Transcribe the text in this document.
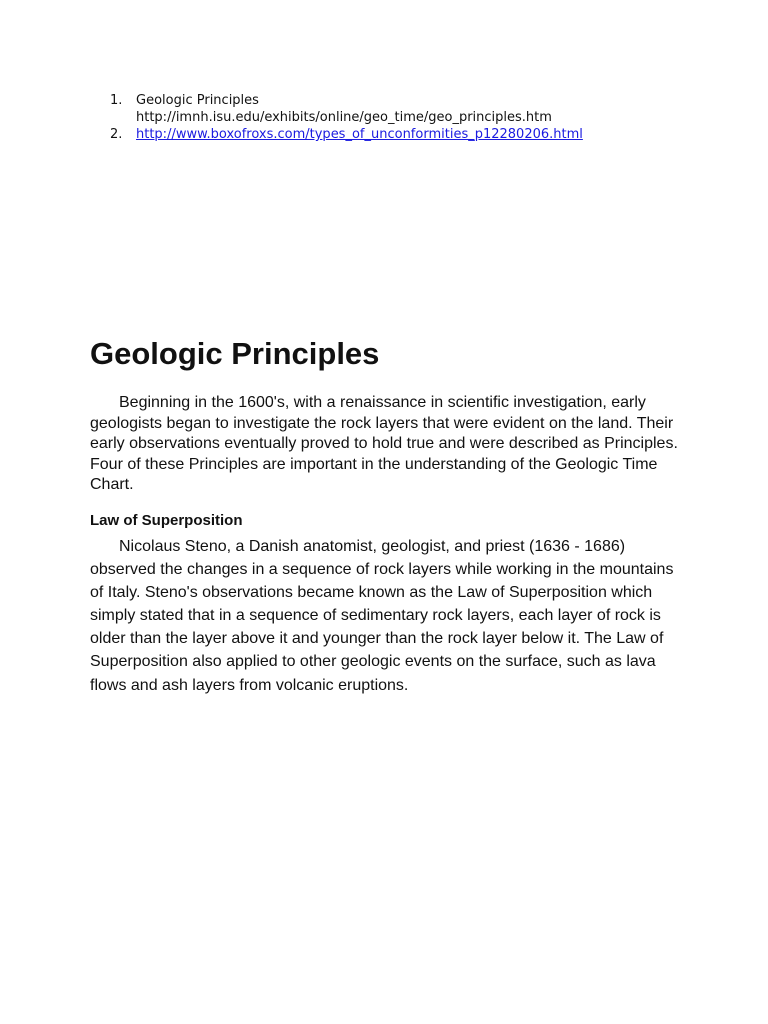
1. Geologic Principles
http://imnh.isu.edu/exhibits/online/geo_time/geo_principles.htm
2. http://www.boxofroxs.com/types_of_unconformities_p12280206.html
Geologic Principles

Beginning in the 1600's, with a renaissance in scientific investigation, early geologists began to investigate the rock layers that were evident on the land. Their early observations eventually proved to hold true and were described as Principles. Four of these Principles are important in the understanding of the Geologic Time Chart.

Law of Superposition

Nicolaus Steno, a Danish anatomist, geologist, and priest (1636 - 1686) observed the changes in a sequence of rock layers while working in the mountains of Italy. Steno's observations became known as the Law of Superposition which simply stated that in a sequence of sedimentary rock layers, each layer of rock is older than the layer above it and younger than the rock layer below it. The Law of Superposition also applied to other geologic events on the surface, such as lava flows and ash layers from volcanic eruptions.
